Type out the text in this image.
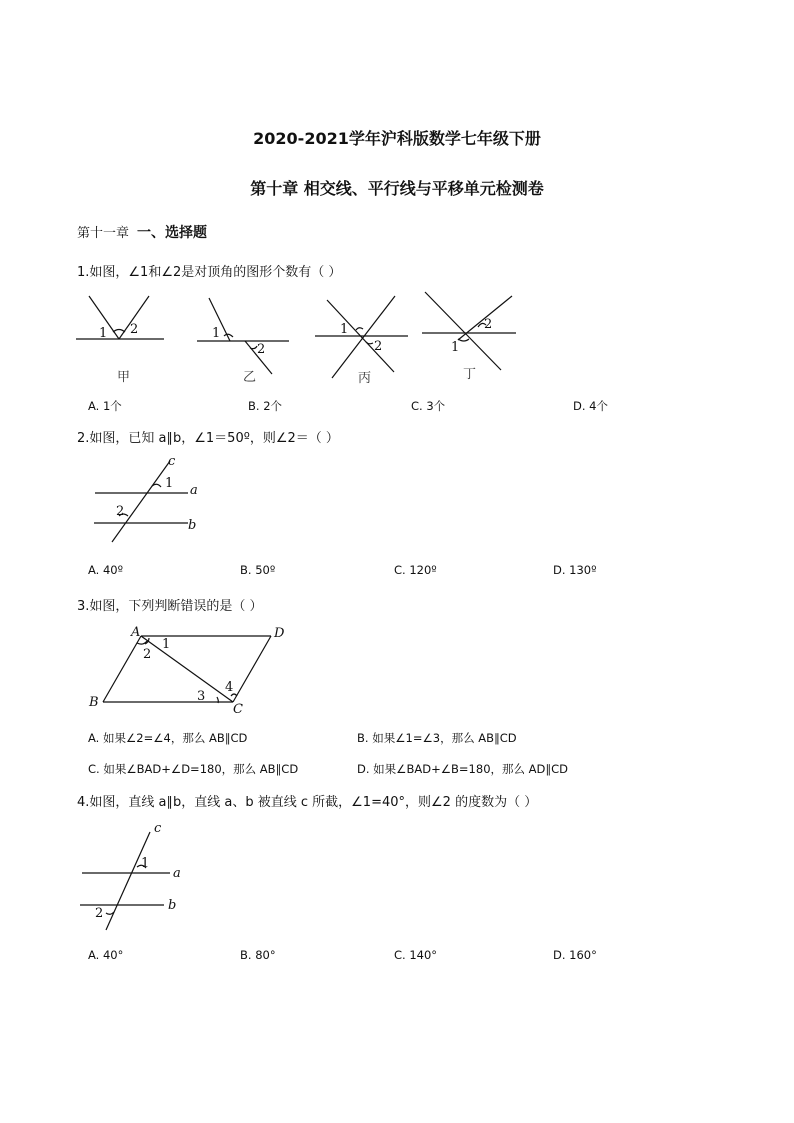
2020-2021学年沪科版数学七年级下册
第十章 相交线、平行线与平移单元检测卷
第十一章 一、选择题
1.如图，∠1和∠2是对顶角的图形个数有（ ）
1 2
甲
1
2
乙
1
2
丙
2
1
丁
A. 1个	B. 2个	C. 3个	D. 4个
2.如图，已知 a∥b，∠1＝50º，则∠2＝（ ）
c
a
b
1
2
A. 40º	B. 50º	C. 120º	D. 130º
3.如图，下列判断错误的是（ ）
A	D
B	C
1
2
3
4
A. 如果∠2=∠4，那么 AB∥CD	B. 如果∠1=∠3，那么 AB∥CD
C. 如果∠BAD+∠D=180，那么 AB∥CD	D. 如果∠BAD+∠B=180，那么 AD∥CD
4.如图，直线 a∥b，直线 a、b 被直线 c 所截，∠1=40°，则∠2 的度数为（ ）
c
a
b
1
2
A. 40°	B. 80°	C. 140°	D. 160°
